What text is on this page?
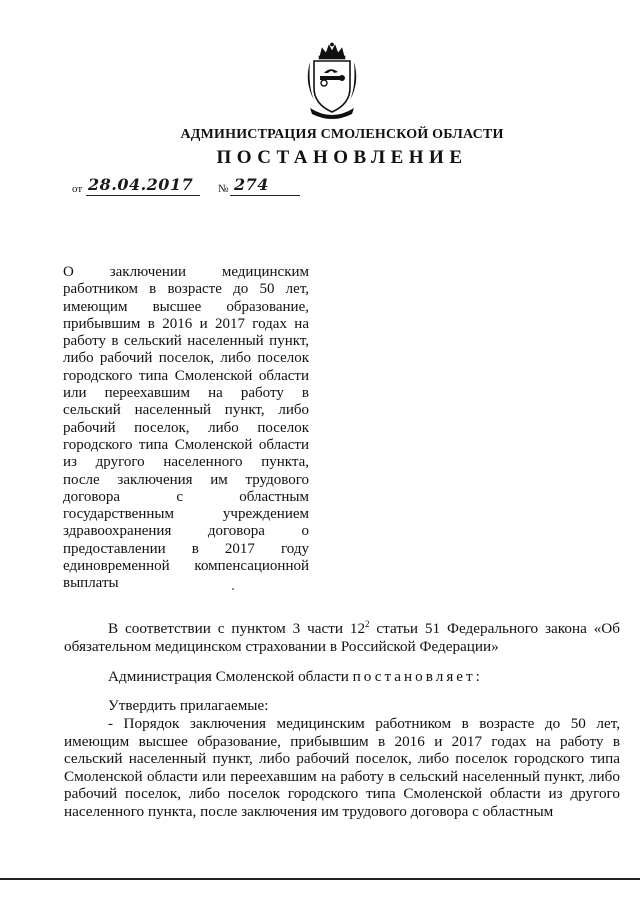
АДМИНИСТРАЦИЯ СМОЛЕНСКОЙ ОБЛАСТИ
ПОСТАНОВЛЕНИЕ
от 28.04.2017 № 274
О заключении медицинским
работником в возрасте до 50 лет,
имеющим высшее образование,
прибывшим в 2016 и 2017 годах на
работу в сельский населенный пункт,
либо рабочий поселок, либо поселок
городского типа Смоленской области
или переехавшим на работу в
сельский населенный пункт, либо
рабочий поселок, либо поселок
городского типа Смоленской области
из другого населенного пункта,
после заключения им трудового
договора с областным
государственным учреждением
здравоохранения договора о
предоставлении в 2017 году
единовременной компенсационной
выплаты
В соответствии с пунктом 3 части $12^2$ статьи 51 Федерального закона «Об обязательном медицинском страховании в Российской Федерации»
Администрация Смоленской области постановляет:
Утвердить прилагаемые:
- Порядок заключения медицинским работником в возрасте до 50 лет, имеющим высшее образование, прибывшим в 2016 и 2017 годах на работу в сельский населенный пункт, либо рабочий поселок, либо поселок городского типа Смоленской области или переехавшим на работу в сельский населенный пункт, либо рабочий поселок, либо поселок городского типа Смоленской области из другого населенного пункта, после заключения им трудового договора с областным
